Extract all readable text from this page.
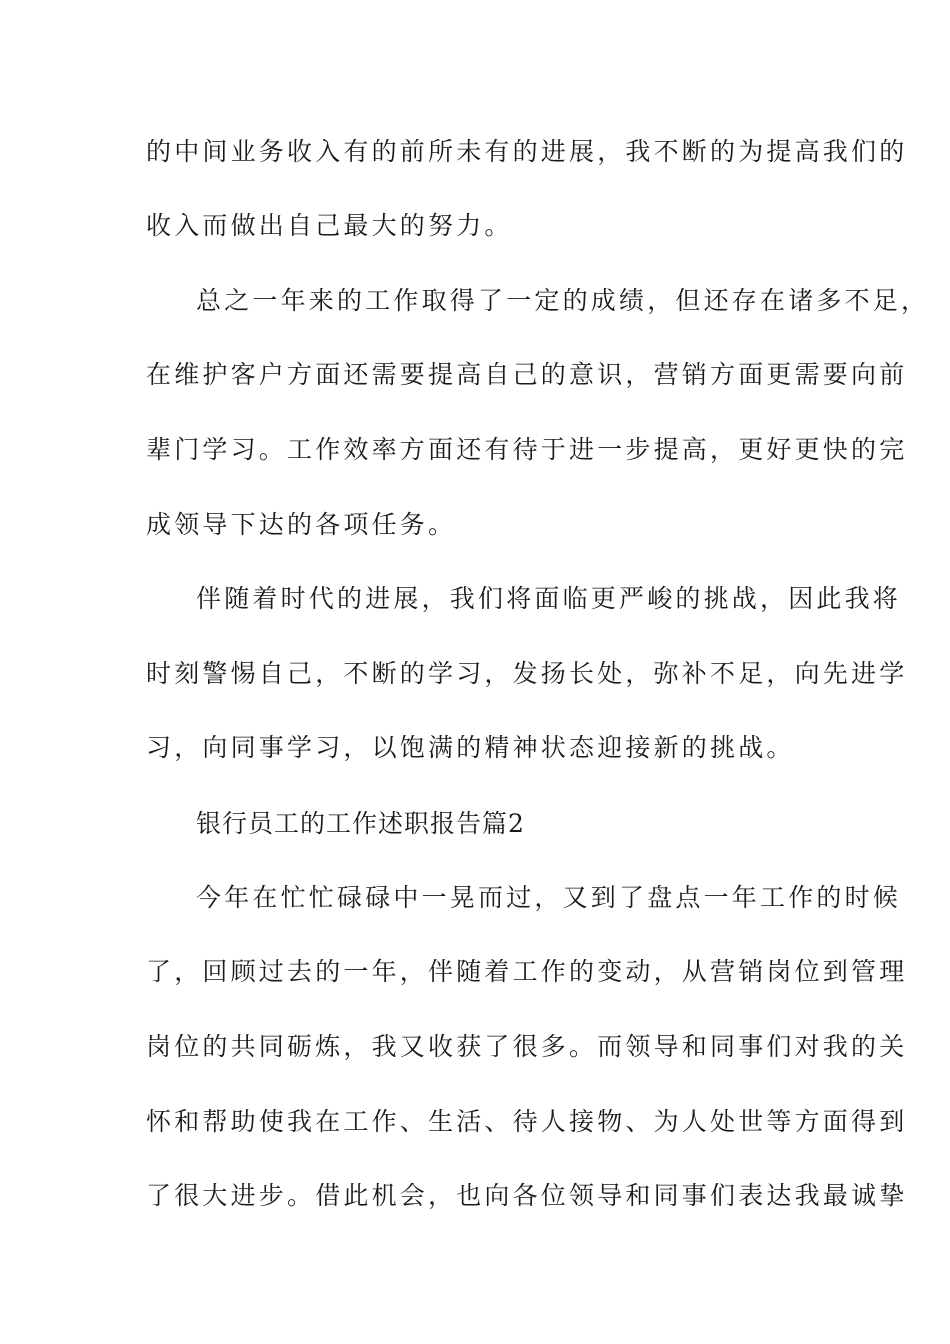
的中间业务收入有的前所未有的进展，我不断的为提高我们的
收入而做出自己最大的努力。
总之一年来的工作取得了一定的成绩，但还存在诸多不足，
在维护客户方面还需要提高自己的意识，营销方面更需要向前
辈门学习。工作效率方面还有待于进一步提高，更好更快的完
成领导下达的各项任务。
伴随着时代的进展，我们将面临更严峻的挑战，因此我将
时刻警惕自己，不断的学习，发扬长处，弥补不足，向先进学
习，向同事学习，以饱满的精神状态迎接新的挑战。
银行员工的工作述职报告篇2
今年在忙忙碌碌中一晃而过，又到了盘点一年工作的时候
了，回顾过去的一年，伴随着工作的变动，从营销岗位到管理
岗位的共同砺炼，我又收获了很多。而领导和同事们对我的关
怀和帮助使我在工作、生活、待人接物、为人处世等方面得到
了很大进步。借此机会，也向各位领导和同事们表达我最诚挚
